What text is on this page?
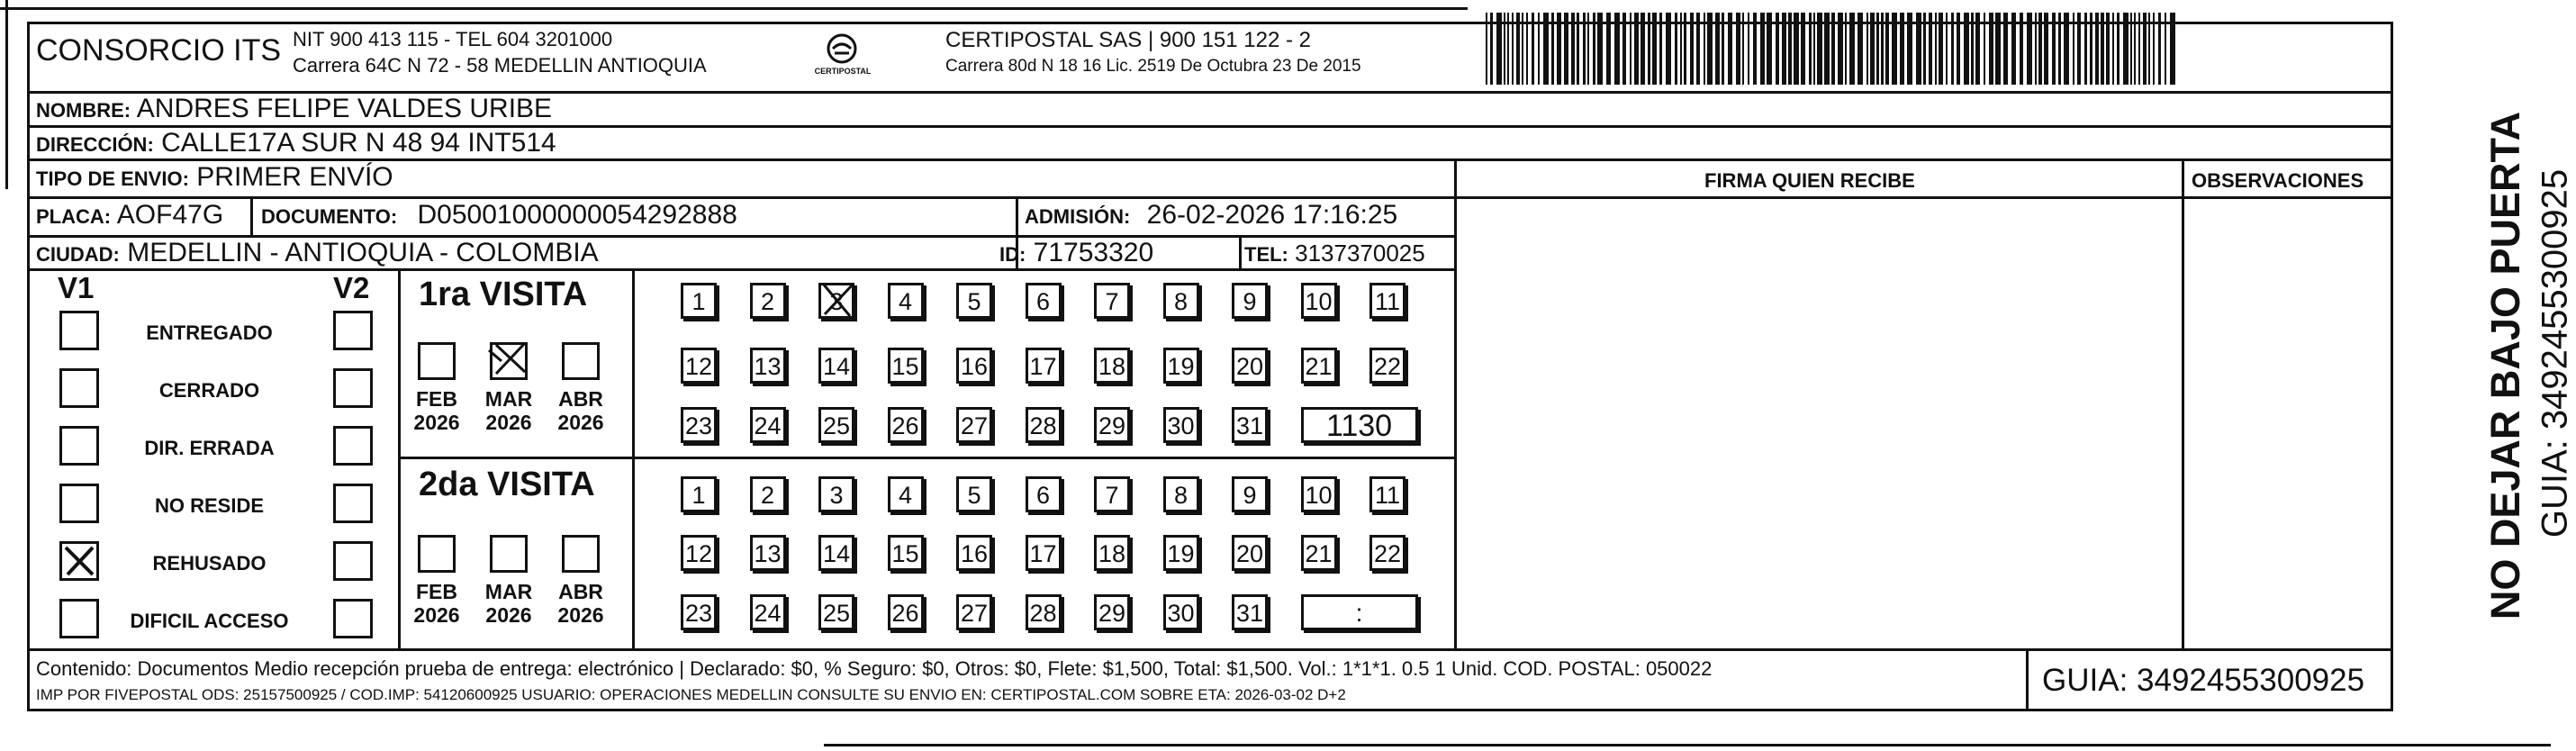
CONSORCIO ITS NIT 900 413 115 - TEL 604 3201000
Carrera 64C N 72 - 58 MEDELLIN ANTIOQUIA	CERTIPOSTAL
CERTIPOSTAL SAS | 900 151 122 - 2
Carrera 80d N 18 16 Lic. 2519 De Octubra 23 De 2015
NOMBRE: ANDRES FELIPE VALDES URIBE
DIRECCIÓN: CALLE17A SUR N 48 94 INT514
TIPO DE ENVIO: PRIMER ENVÍO	FIRMA QUIEN RECIBE	OBSERVACIONES
PLACA: AOF47G DOCUMENTO: D05001000000054292888	ADMISIÓN: 26-02-2026 17:16:25
CIUDAD: MEDELLIN - ANTIOQUIA - COLOMBIA	ID: 71753320	TEL: 3137370025
V1	V2
ENTREGADO
CERRADO
DIR. ERRADA
NO RESIDE
REHUSADO
DIFICIL ACCESO
1ra VISITA
2da VISITA
FEB
2026
MAR
2026
ABR
2026
FEB
2026
MAR
2026
ABR
2026
1	2	3	4	5	6	7	8	9	10 11
12 13 14 15 16 17 18 19 20 21 22
23 24 25 26 27 28 29 30 31	1130
1	2	3	4	5	6	7	8	9	10 11
12 13 14 15 16 17 18 19 20 21 22
23 24 25 26 27 28 29 30 31	:	NO DEJAR BAJO PUERTA GUIA: 3492455300925
Contenido: Documentos Medio recepción prueba de entrega: electrónico | Declarado: $0, % Seguro: $0, Otros: $0, Flete: $1,500, Total: $1,500. Vol.: 1*1*1. 0.5 1 Unid. COD. POSTAL: 050022
IMP POR FIVEPOSTAL ODS: 25157500925 / COD.IMP: 54120600925 USUARIO: OPERACIONES MEDELLIN CONSULTE SU ENVIO EN: CERTIPOSTAL.COM SOBRE ETA: 2026-03-02 D+2	GUIA: 3492455300925
